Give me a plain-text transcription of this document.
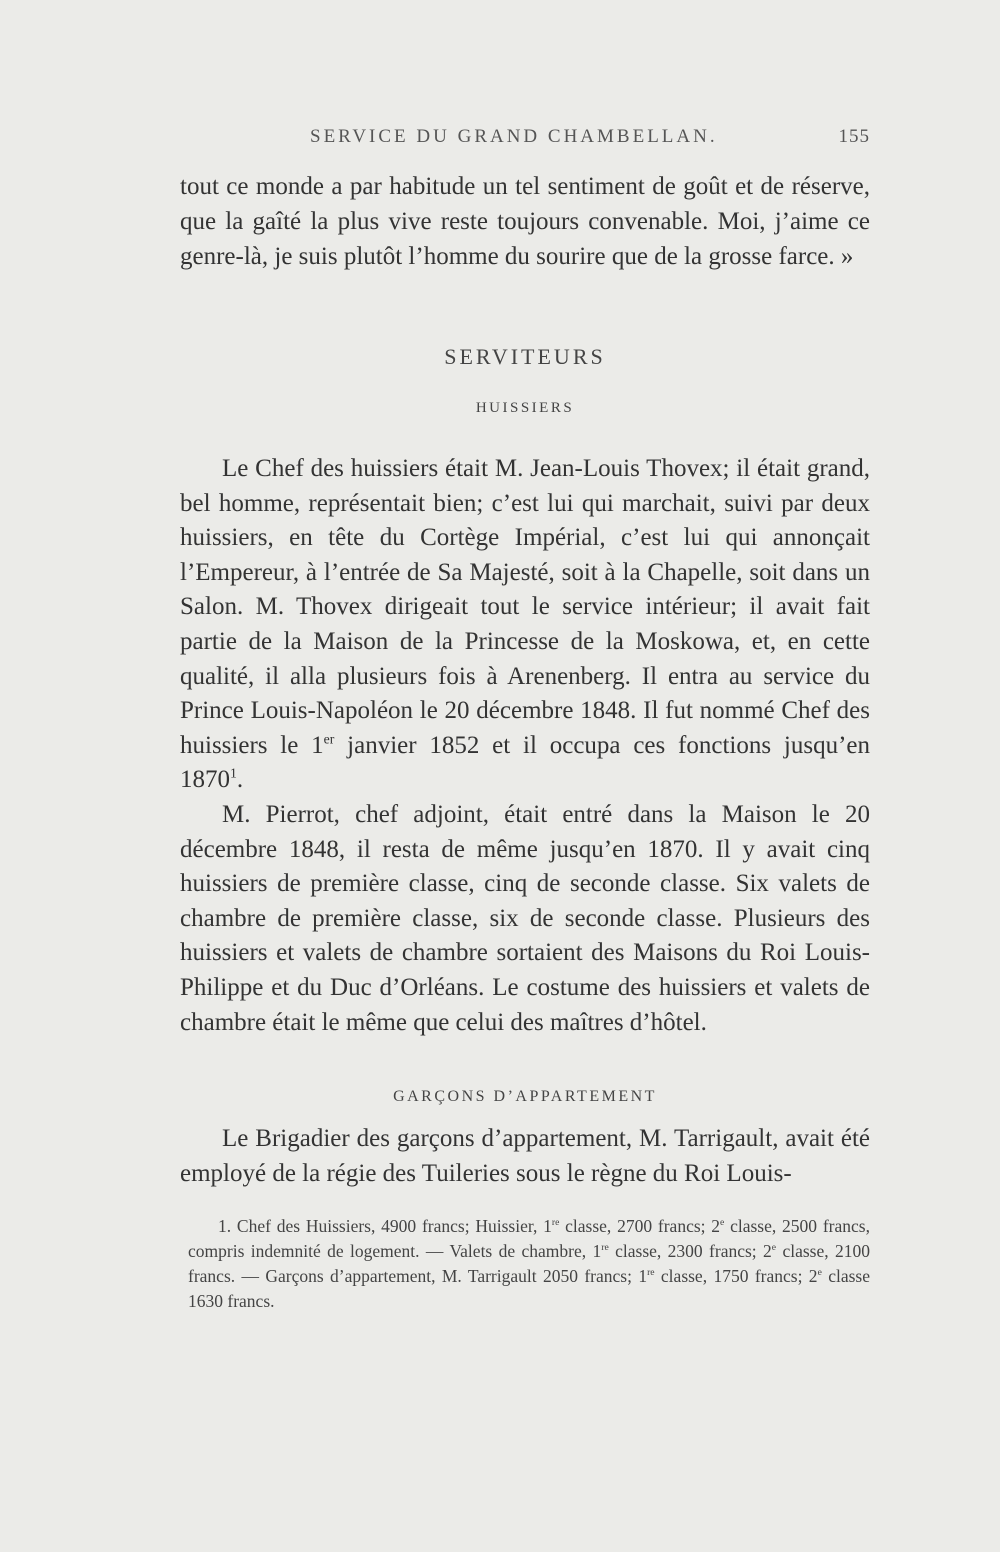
SERVICE DU GRAND CHAMBELLAN.	155

tout ce monde a par habitude un tel sentiment de goût et de réserve, que la gaîté la plus vive reste toujours convenable. Moi, j’aime ce genre-là, je suis plutôt l’homme du sourire que de la grosse farce. »

SERVITEURS
HUISSIERS

Le Chef des huissiers était M. Jean-Louis Thovex; il était grand, bel homme, représentait bien; c’est lui qui marchait, suivi par deux huissiers, en tête du Cortège Impérial, c’est lui qui annonçait l’Empereur, à l’entrée de Sa Majesté, soit à la Chapelle, soit dans un Salon. M. Thovex dirigeait tout le service intérieur; il avait fait partie de la Maison de la Princesse de la Moskowa, et, en cette qualité, il alla plusieurs fois à Arenenberg. Il entra au service du Prince Louis-Napoléon le 20 décembre 1848. Il fut nommé Chef des huissiers le 1er janvier 1852 et il occupa ces fonctions jusqu’en 1870$^1$.

M. Pierrot, chef adjoint, était entré dans la Maison le 20 décembre 1848, il resta de même jusqu’en 1870. Il y avait cinq huissiers de première classe, cinq de seconde classe. Six valets de chambre de première classe, six de seconde classe. Plusieurs des huissiers et valets de chambre sortaient des Maisons du Roi Louis-Philippe et du Duc d’Orléans. Le costume des huissiers et valets de chambre était le même que celui des maîtres d’hôtel.

GARÇONS D’APPARTEMENT

Le Brigadier des garçons d’appartement, M. Tarrigault, avait été employé de la régie des Tuileries sous le règne du Roi Louis-

1. Chef des Huissiers, 4900 francs; Huissier, 1re classe, 2700 francs; 2e classe, 2500 francs, compris indemnité de logement. — Valets de chambre, 1re classe, 2300 francs; 2e classe, 2100 francs. — Garçons d’appartement, M. Tarrigault 2050 francs; 1re classe, 1750 francs; 2e classe 1630 francs.
